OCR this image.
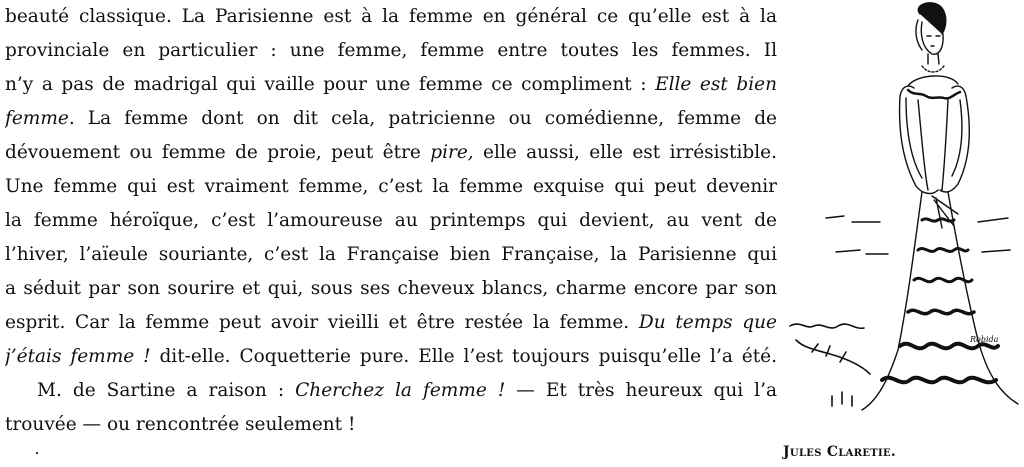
beauté classique. La Parisienne est à la femme en général ce qu’elle est à la
provinciale en particulier : une femme, femme entre toutes les femmes. Il
n’y a pas de madrigal qui vaille pour une femme ce compliment : Elle est bien
femme. La femme dont on dit cela, patricienne ou comédienne, femme de
dévouement ou femme de proie, peut être pire, elle aussi, elle est irrésistible.
Une femme qui est vraiment femme, c’est la femme exquise qui peut devenir
la femme héroïque, c’est l’amoureuse au printemps qui devient, au vent de
l’hiver, l’aïeule souriante, c’est la Française bien Française, la Parisienne qui
a séduit par son sourire et qui, sous ses cheveux blancs, charme encore par son
esprit. Car la femme peut avoir vieilli et être restée la femme. Du temps que
j’étais femme ! dit-elle. Coquetterie pure. Elle l’est toujours puisqu’elle l’a été.
M. de Sartine a raison : Cherchez la femme ! — Et très heureux qui l’a
trouvée — ou rencontrée seulement !
Robida
Jules Claretie.
